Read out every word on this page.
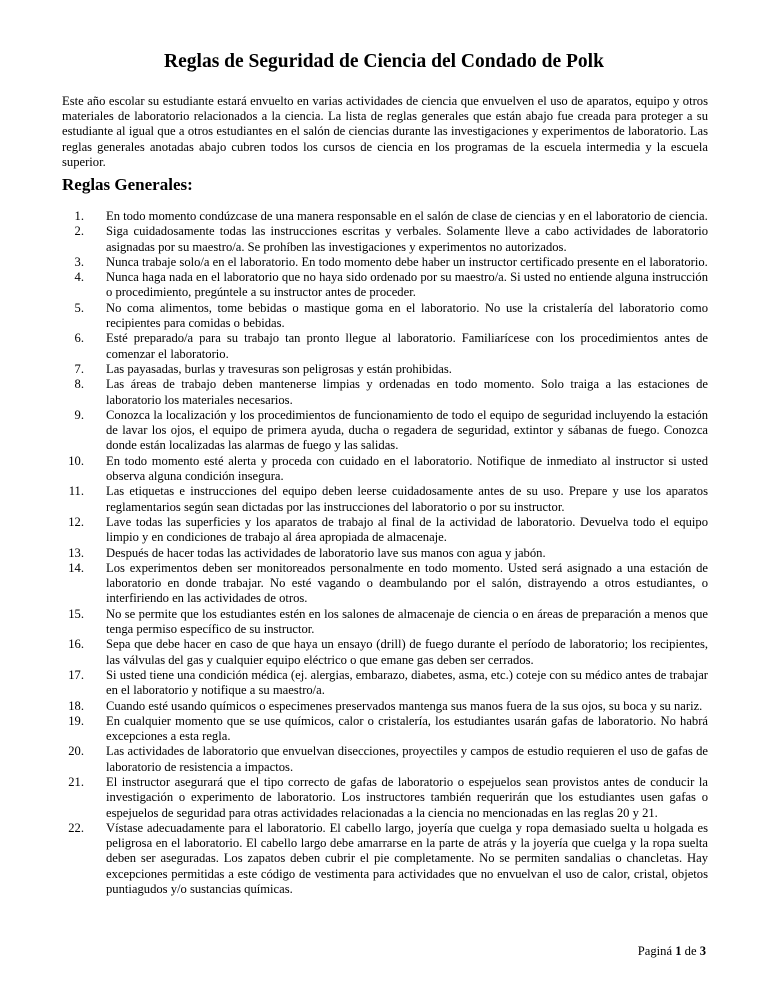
Reglas de Seguridad de Ciencia del Condado de Polk

Este año escolar su estudiante estará envuelto en varias actividades de ciencia que envuelven el uso de aparatos, equipo y otros materiales de laboratorio relacionados a la ciencia. La lista de reglas generales que están abajo fue creada para proteger a su estudiante al igual que a otros estudiantes en el salón de ciencias durante las investigaciones y experimentos de laboratorio. Las reglas generales anotadas abajo cubren todos los cursos de ciencia en los programas de la escuela intermedia y la escuela superior.

Reglas Generales:
1. En todo momento condúzcase de una manera responsable en el salón de clase de ciencias y en el laboratorio de ciencia.
2. Siga cuidadosamente todas las instrucciones escritas y verbales. Solamente lleve a cabo actividades de laboratorio asignadas por su maestro/a. Se prohíben las investigaciones y experimentos no autorizados.
3. Nunca trabaje solo/a en el laboratorio. En todo momento debe haber un instructor certificado presente en el laboratorio.
4. Nunca haga nada en el laboratorio que no haya sido ordenado por su maestro/a. Si usted no entiende alguna instrucción o procedimiento, pregúntele a su instructor antes de proceder.
5. No coma alimentos, tome bebidas o mastique goma en el laboratorio. No use la cristalería del laboratorio como recipientes para comidas o bebidas.
6. Esté preparado/a para su trabajo tan pronto llegue al laboratorio. Familiarícese con los procedimientos antes de comenzar el laboratorio.
7. Las payasadas, burlas y travesuras son peligrosas y están prohibidas.
8. Las áreas de trabajo deben mantenerse limpias y ordenadas en todo momento. Solo traiga a las estaciones de laboratorio los materiales necesarios.
9. Conozca la localización y los procedimientos de funcionamiento de todo el equipo de seguridad incluyendo la estación de lavar los ojos, el equipo de primera ayuda, ducha o regadera de seguridad, extintor y sábanas de fuego. Conozca donde están localizadas las alarmas de fuego y las salidas.
10. En todo momento esté alerta y proceda con cuidado en el laboratorio. Notifique de inmediato al instructor si usted observa alguna condición insegura.
11. Las etiquetas e instrucciones del equipo deben leerse cuidadosamente antes de su uso. Prepare y use los aparatos reglamentarios según sean dictadas por las instrucciones del laboratorio o por su instructor.
12. Lave todas las superficies y los aparatos de trabajo al final de la actividad de laboratorio. Devuelva todo el equipo limpio y en condiciones de trabajo al área apropiada de almacenaje.
13. Después de hacer todas las actividades de laboratorio lave sus manos con agua y jabón.
14. Los experimentos deben ser monitoreados personalmente en todo momento. Usted será asignado a una estación de laboratorio en donde trabajar. No esté vagando o deambulando por el salón, distrayendo a otros estudiantes, o interfiriendo en las actividades de otros.
15. No se permite que los estudiantes estén en los salones de almacenaje de ciencia o en áreas de preparación a menos que tenga permiso específico de su instructor.
16. Sepa que debe hacer en caso de que haya un ensayo (drill) de fuego durante el período de laboratorio; los recipientes, las válvulas del gas y cualquier equipo eléctrico o que emane gas deben ser cerrados.
17. Si usted tiene una condición médica (ej. alergias, embarazo, diabetes, asma, etc.) coteje con su médico antes de trabajar en el laboratorio y notifique a su maestro/a.
18. Cuando esté usando químicos o especimenes preservados mantenga sus manos fuera de la sus ojos, su boca y su nariz.
19. En cualquier momento que se use químicos, calor o cristalería, los estudiantes usarán gafas de laboratorio. No habrá excepciones a esta regla.
20. Las actividades de laboratorio que envuelvan disecciones, proyectiles y campos de estudio requieren el uso de gafas de laboratorio de resistencia a impactos.
21. El instructor asegurará que el tipo correcto de gafas de laboratorio o espejuelos sean provistos antes de conducir la investigación o experimento de laboratorio. Los instructores también requerirán que los estudiantes usen gafas o espejuelos de seguridad para otras actividades relacionadas a la ciencia no mencionadas en las reglas 20 y 21.
22. Vístase adecuadamente para el laboratorio. El cabello largo, joyería que cuelga y ropa demasiado suelta u holgada es peligrosa en el laboratorio. El cabello largo debe amarrarse en la parte de atrás y la joyería que cuelga y la ropa suelta deben ser aseguradas. Los zapatos deben cubrir el pie completamente. No se permiten sandalias o chancletas. Hay excepciones permitidas a este código de vestimenta para actividades que no envuelvan el uso de calor, cristal, objetos puntiagudos y/o sustancias químicas.

Paginá 1 de 3
